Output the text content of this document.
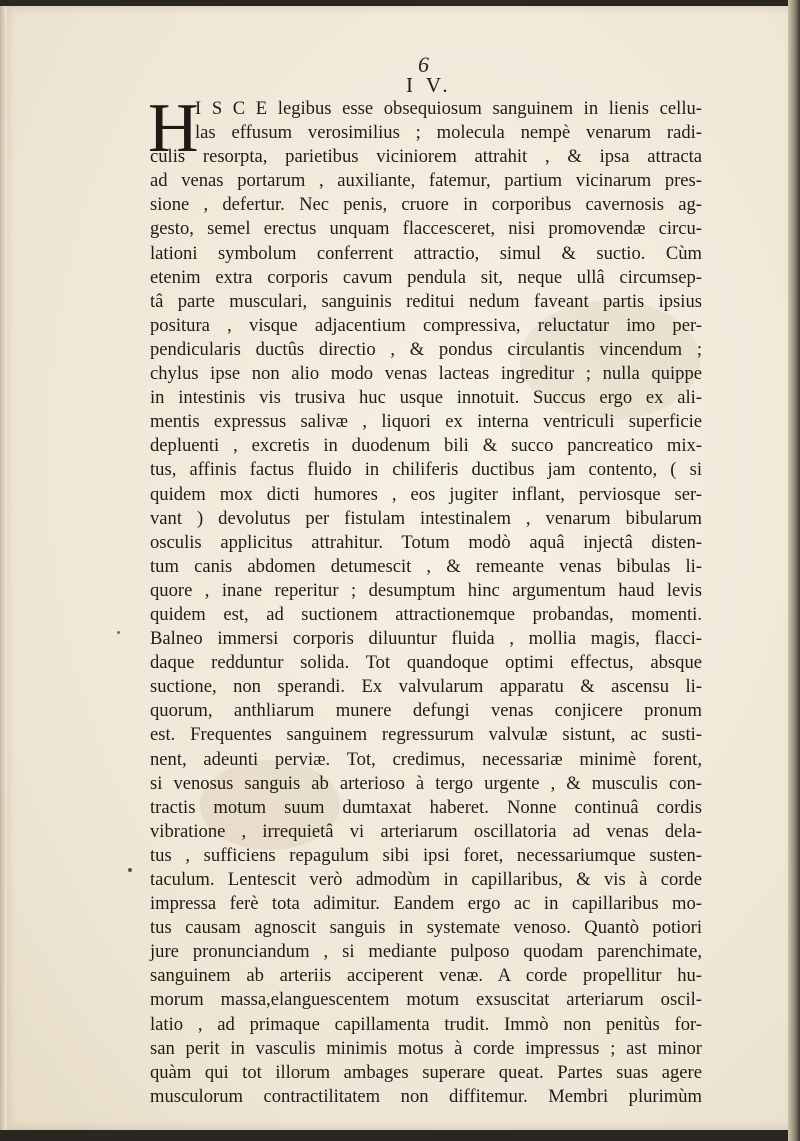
6
I V.
H
I S C E legibus esse obsequiosum sanguinem in lienis cellu-
las effusum verosimilius ; molecula nempè venarum radi-
culis resorpta, parietibus viciniorem attrahit , & ipsa attracta
ad venas portarum , auxiliante, fatemur, partium vicinarum pres-
sione , defertur. Nec penis, cruore in corporibus cavernosis ag-
gesto, semel erectus unquam flaccesceret, nisi promovendæ circu-
lationi symbolum conferrent attractio, simul & suctio. Cùm
etenim extra corporis cavum pendula sit, neque ullâ circumsep-
tâ parte musculari, sanguinis reditui nedum faveant partis ipsius
positura , visque adjacentium compressiva, reluctatur imo per-
pendicularis ductûs directio , & pondus circulantis vincendum ;
chylus ipse non alio modo venas lacteas ingreditur ; nulla quippe
in intestinis vis trusiva huc usque innotuit. Succus ergo ex ali-
mentis expressus salivæ , liquori ex interna ventriculi superficie
depluenti , excretis in duodenum bili & succo pancreatico mix-
tus, affinis factus fluido in chiliferis ductibus jam contento, ( si
quidem mox dicti humores , eos jugiter inflant, perviosque ser-
vant ) devolutus per fistulam intestinalem , venarum bibularum
osculis applicitus attrahitur. Totum modò aquâ injectâ disten-
tum canis abdomen detumescit , & remeante venas bibulas li-
quore , inane reperitur ; desumptum hinc argumentum haud levis
quidem est, ad suctionem attractionemque probandas, momenti.
Balneo immersi corporis diluuntur fluida , mollia magis, flacci-
daque redduntur solida. Tot quandoque optimi effectus, absque
suctione, non sperandi. Ex valvularum apparatu & ascensu li-
quorum, anthliarum munere defungi venas conjicere pronum
est. Frequentes sanguinem regressurum valvulæ sistunt, ac susti-
nent, adeunti perviæ. Tot, credimus, necessariæ minimè forent,
si venosus sanguis ab arterioso à tergo urgente , & musculis con-
tractis motum suum dumtaxat haberet. Nonne continuâ cordis
vibratione , irrequietâ vi arteriarum oscillatoria ad venas dela-
tus , sufficiens repagulum sibi ipsi foret, necessariumque susten-
taculum. Lentescit verò admodùm in capillaribus, & vis à corde
impressa ferè tota adimitur. Eandem ergo ac in capillaribus mo-
tus causam agnoscit sanguis in systemate venoso. Quantò potiori
jure pronunciandum , si mediante pulposo quodam parenchimate,
sanguinem ab arteriis acciperent venæ. A corde propellitur hu-
morum massa,elanguescentem motum exsuscitat arteriarum oscil-
latio , ad primaque capillamenta trudit. Immò non penitùs for-
san perit in vasculis minimis motus à corde impressus ; ast minor
quàm qui tot illorum ambages superare queat. Partes suas agere
musculorum contractilitatem non diffitemur. Membri plurimùm
